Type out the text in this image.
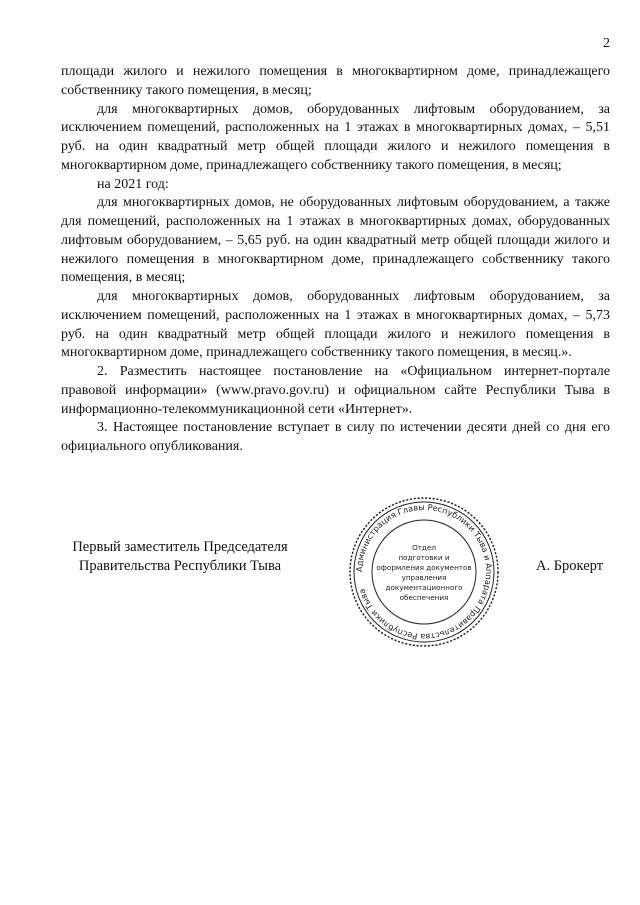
2

площади жилого и нежилого помещения в многоквартирном доме, принадлежащего собственнику такого помещения, в месяц;

для многоквартирных домов, оборудованных лифтовым оборудованием, за исключением помещений, расположенных на 1 этажах в многоквартирных домах, – 5,51 руб. на один квадратный метр общей площади жилого и нежилого помещения в многоквартирном доме, принадлежащего собственнику такого помещения, в месяц;

на 2021 год:

для многоквартирных домов, не оборудованных лифтовым оборудованием, а также для помещений, расположенных на 1 этажах в многоквартирных домах, оборудованных лифтовым оборудованием, – 5,65 руб. на один квадратный метр общей площади жилого и нежилого помещения в многоквартирном доме, принадлежащего собственнику такого помещения, в месяц;

для многоквартирных домов, оборудованных лифтовым оборудованием, за исключением помещений, расположенных на 1 этажах в многоквартирных домах, – 5,73 руб. на один квадратный метр общей площади жилого и нежилого помещения в многоквартирном доме, принадлежащего собственнику такого помещения, в месяц.».

2. Разместить настоящее постановление на «Официальном интернет-портале правовой информации» (www.pravo.gov.ru) и официальном сайте Республики Тыва в информационно-телекоммуникационной сети «Интернет».

3. Настоящее постановление вступает в силу по истечении десяти дней со дня его официального опубликования.

Первый заместитель Председателя
Правительства Республики Тыва	Администрация Главы Республики Тыва и Аппарата Правительства Республики Тыва
Отдел
подготовки и
оформления документов
управления
документационного
обеспечения
А. Брокерт
